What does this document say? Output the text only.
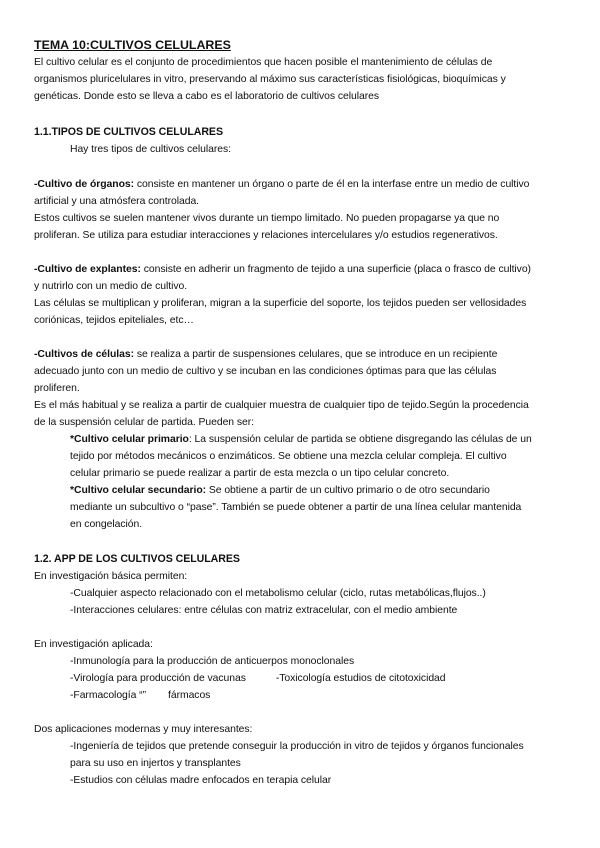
TEMA 10:CULTIVOS CELULARES
El cultivo celular es el conjunto de procedimientos que hacen posible el mantenimiento de células de
organismos pluricelulares in vitro, preservando al máximo sus características fisiológicas, bioquímicas y
genéticas. Donde esto se lleva a cabo es el laboratorio de cultivos celulares
1.1.TIPOS DE CULTIVOS CELULARES
Hay tres tipos de cultivos celulares:
-Cultivo de órganos: consiste en mantener un órgano o parte de él en la interfase entre un medio de cultivo
artificial y una atmósfera controlada.
Estos cultivos se suelen mantener vivos durante un tiempo limitado. No pueden propagarse ya que no
proliferan. Se utiliza para estudiar interacciones y relaciones intercelulares y/o estudios regenerativos.
-Cultivo de explantes: consiste en adherir un fragmento de tejido a una superficie (placa o frasco de cultivo)
y nutrirlo con un medio de cultivo.
Las células se multiplican y proliferan, migran a la superficie del soporte, los tejidos pueden ser vellosidades
coriónicas, tejidos epiteliales, etc…
-Cultivos de células: se realiza a partir de suspensiones celulares, que se introduce en un recipiente
adecuado junto con un medio de cultivo y se incuban en las condiciones óptimas para que las células
proliferen.
Es el más habitual y se realiza a partir de cualquier muestra de cualquier tipo de tejido.Según la procedencia
de la suspensión celular de partida. Pueden ser:
*Cultivo celular primario: La suspensión celular de partida se obtiene disgregando las células de un
tejido por métodos mecánicos o enzimáticos. Se obtiene una mezcla celular compleja. El cultivo
celular primario se puede realizar a partir de esta mezcla o un tipo celular concreto.
*Cultivo celular secundario: Se obtiene a partir de un cultivo primario o de otro secundario
mediante un subcultivo o “pase”. También se puede obtener a partir de una línea celular mantenida
en congelación.
1.2. APP DE LOS CULTIVOS CELULARES
En investigación básica permiten:
-Cualquier aspecto relacionado con el metabolismo celular (ciclo, rutas metabólicas,flujos..)
-Interacciones celulares: entre células con matriz extracelular, con el medio ambiente
En investigación aplicada:
-Inmunología para la producción de anticuerpos monoclonales
-Virología para producción de vacunas	-Toxicología estudios de citotoxicidad
-Farmacología “” fármacos
Dos aplicaciones modernas y muy interesantes:
-Ingeniería de tejidos que pretende conseguir la producción in vitro de tejidos y órganos funcionales
para su uso en injertos y transplantes
-Estudios con células madre enfocados en terapia celular
